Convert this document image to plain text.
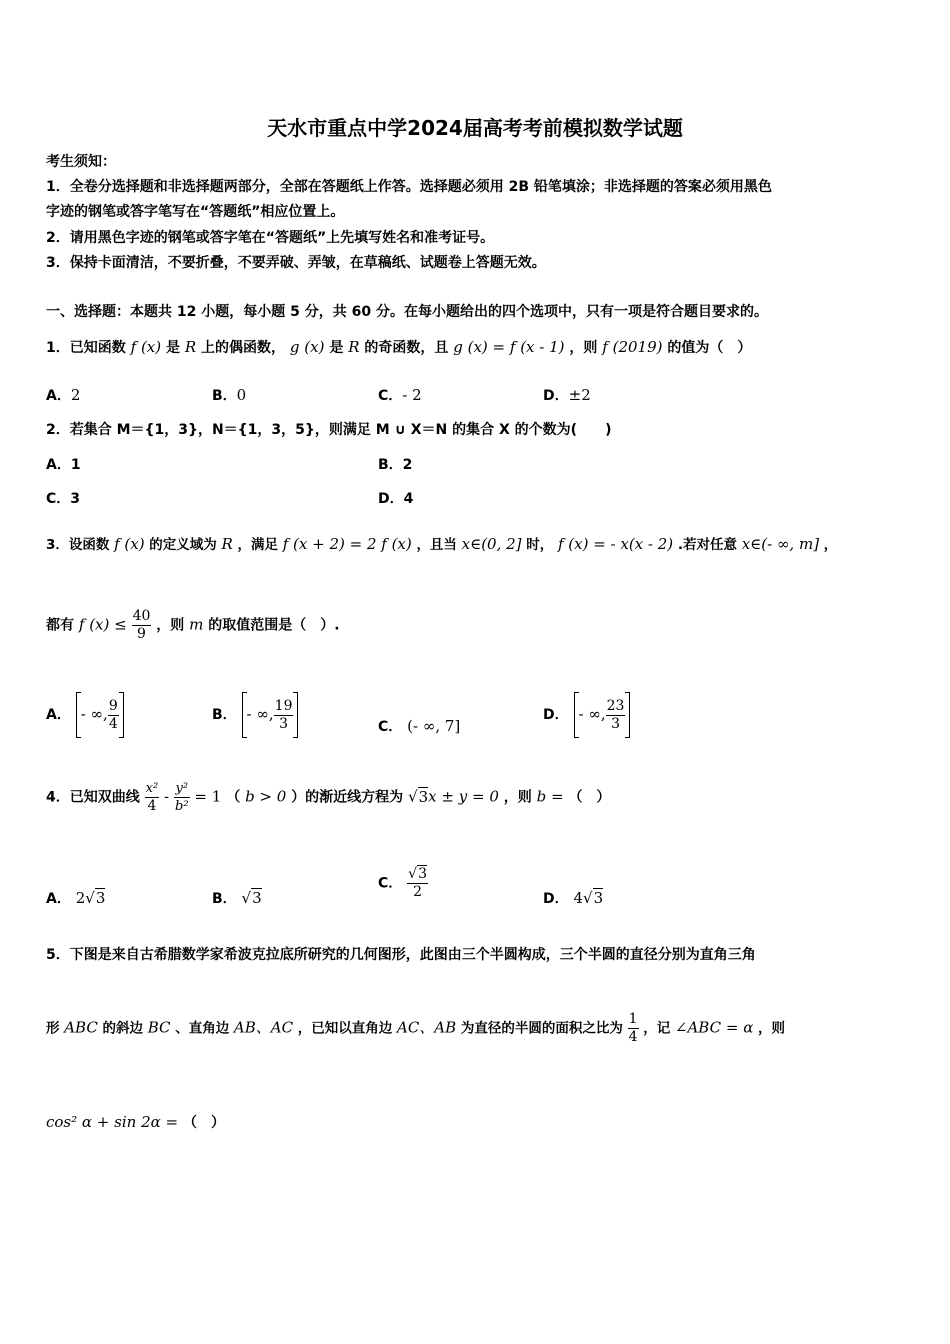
天水市重点中学2024届高考考前模拟数学试题
考生须知：
1．全卷分选择题和非选择题两部分，全部在答题纸上作答。选择题必须用 2B 铅笔填涂；非选择题的答案必须用黑色
字迹的钢笔或答字笔写在“答题纸”相应位置上。
2．请用黑色字迹的钢笔或答字笔在“答题纸”上先填写姓名和准考证号。
3．保持卡面清洁，不要折叠，不要弄破、弄皱，在草稿纸、试题卷上答题无效。
一、选择题：本题共 12 小题，每小题 5 分，共 60 分。在每小题给出的四个选项中，只有一项是符合题目要求的。
1．已知函数 f (x) 是 R 上的偶函数， g (x) 是 R 的奇函数，且 g (x) = f (x - 1) ，则 f (2019) 的值为（　）
A．2	B．0	C．- 2	D．±2
2．若集合 M＝{1，3}，N＝{1，3，5}，则满足 M ∪ X＝N 的集合 X 的个数为(　　)
A．1	B．2
C．3	D．4
3．设函数 f (x) 的定义域为 R ，满足 f (x + 2) = 2 f (x) ，且当 x∈(0, 2] 时， f (x) = - x(x - 2) .若对任意 x∈(- ∞, m] ，
都有 f $(x) \le \frac{40}{9}$ ，则 m 的取值范围是（　）.
A． - ∞, $\frac{9}{4}$	B． - ∞, $\frac{19}{3}$	C． (- ∞, 7]
D． - ∞, $\frac{23}{3}$
4．已知双曲线 $\frac{\text{x²}}{4} - \frac{\text{y²}}{\text{b²}} = 1$ （ b > 0 ）的渐近线方程为 √3x ± y = 0 ，则 b = （　）
A． 2√3	B． √3
C． $\frac{√3}{2}$	D． 4√3
5．下图是来自古希腊数学家希波克拉底所研究的几何图形，此图由三个半圆构成，三个半圆的直径分别为直角三角
形 ABC 的斜边 BC 、直角边 AB、AC ，已知以直角边 AC、AB 为直径的半圆的面积之比为 $\frac{1}{4}$ ，记 ∠ABC = α ，则
cos² α + sin 2α = （　）
